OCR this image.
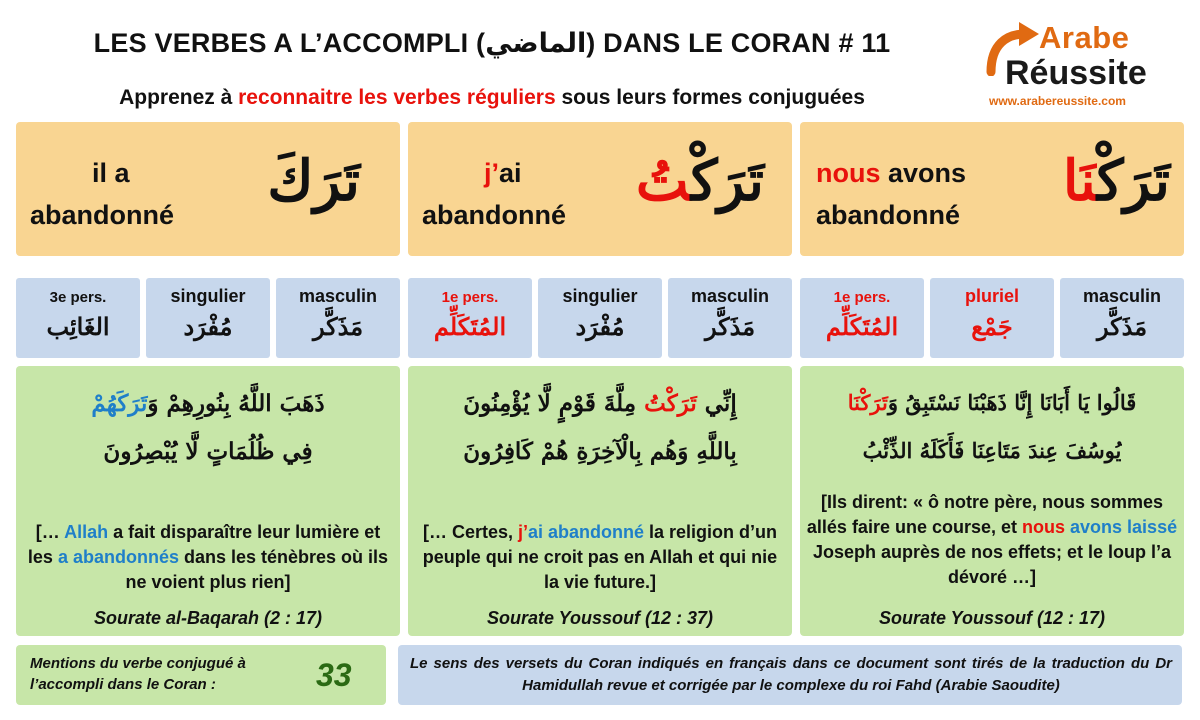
LES VERBES A L’ACCOMPLI (الماضي) DANS LE CORAN # 11
Apprenez à reconnaitre les verbes réguliers sous leurs formes conjuguées
Arabe
Réussite
www.arabereussite.com
il a
abandonné
تَرَكَ
3e pers.
الغَائِب
singulier
مُفْرَد
masculin
مَذَكَّر
ذَهَبَ اللَّهُ بِنُورِهِمْ وَتَرَكَهُمْ
فِي ظُلُمَاتٍ لَّا يُبْصِرُونَ
[… Allah a fait disparaître leur lumière et les a abandonnés dans les ténèbres où ils ne voient plus rien]
Sourate al-Baqarah (2 : 17)
j’ai
abandonné
تَرَكْتُ
1e pers.
المُتَكَلِّم
singulier
مُفْرَد
masculin
مَذَكَّر
إِنِّي تَرَكْتُ مِلَّةَ قَوْمٍ لَّا يُؤْمِنُونَ
بِاللَّهِ وَهُم بِالْآخِرَةِ هُمْ كَافِرُونَ
[… Certes, j’ai abandonné la religion d’un peuple qui ne croit pas en Allah et qui nie la vie future.]
Sourate Youssouf (12 : 37)
nous avons
abandonné
تَرَكْنَا
1e pers.
المُتَكَلِّم
pluriel
جَمْع
masculin
مَذَكَّر
قَالُوا يَا أَبَانَا إِنَّا ذَهَبْنَا نَسْتَبِقُ وَتَرَكْنَا
يُوسُفَ عِندَ مَتَاعِنَا فَأَكَلَهُ الذِّئْبُ
[Ils dirent: « ô notre père, nous sommes allés faire une course, et nous avons laissé Joseph auprès de nos effets; et le loup l’a dévoré …]
Sourate Youssouf (12 : 17)
Mentions du verbe conjugué à l’accompli dans le Coran :	33	Le sens des versets du Coran indiqués en français dans ce document sont tirés de la traduction du Dr Hamidullah revue et corrigée par le complexe du roi Fahd (Arabie Saoudite)
